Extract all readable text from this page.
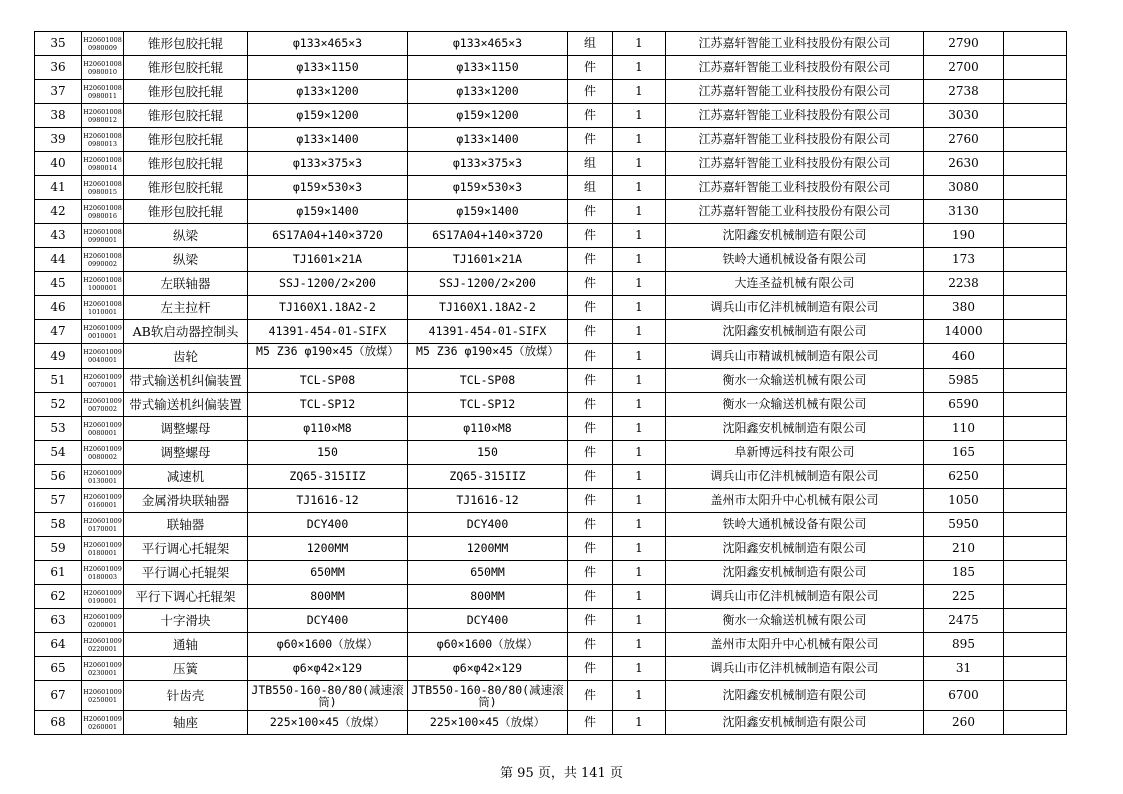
35	H20601008 0980009	锥形包胶托辊	φ133×465×3	φ133×465×3	组	1	江苏嘉轩智能工业科技股份有限公司	2790	
36	H20601008 0980010	锥形包胶托辊	φ133×1150	φ133×1150	件	1	江苏嘉轩智能工业科技股份有限公司	2700	
37	H20601008 0980011	锥形包胶托辊	φ133×1200	φ133×1200	件	1	江苏嘉轩智能工业科技股份有限公司	2738	
38	H20601008 0980012	锥形包胶托辊	φ159×1200	φ159×1200	件	1	江苏嘉轩智能工业科技股份有限公司	3030	
39	H20601008 0980013	锥形包胶托辊	φ133×1400	φ133×1400	件	1	江苏嘉轩智能工业科技股份有限公司	2760	
40	H20601008 0980014	锥形包胶托辊	φ133×375×3	φ133×375×3	组	1	江苏嘉轩智能工业科技股份有限公司	2630	
41	H20601008 0980015	锥形包胶托辊	φ159×530×3	φ159×530×3	组	1	江苏嘉轩智能工业科技股份有限公司	3080	
42	H20601008 0980016	锥形包胶托辊	φ159×1400	φ159×1400	件	1	江苏嘉轩智能工业科技股份有限公司	3130	
43	H20601008 0990001	纵梁	6S17A04+140×3720	6S17A04+140×3720	件	1	沈阳鑫安机械制造有限公司	190	
44	H20601008 0990002	纵梁	TJ1601×21A	TJ1601×21A	件	1	铁岭大通机械设备有限公司	173	
45	H20601008 1000001	左联轴器	SSJ-1200/2×200	SSJ-1200/2×200	件	1	大连圣益机械有限公司	2238	
46	H20601008 1010001	左主拉杆	TJ160X1.18A2-2	TJ160X1.18A2-2	件	1	调兵山市亿沣机械制造有限公司	380	
47	H20601009 0010001	AB软启动器控制头	41391-454-01-SIFX	41391-454-01-SIFX	件	1	沈阳鑫安机械制造有限公司	14000	
49	H20601009 0040001	齿轮	M5 Z36 φ190×45（放煤）	M5 Z36 φ190×45（放煤）	件	1	调兵山市精诚机械制造有限公司	460	
51	H20601009 0070001	带式输送机纠偏装置	TCL-SP08	TCL-SP08	件	1	衡水一众输送机械有限公司	5985	
52	H20601009 0070002	带式输送机纠偏装置	TCL-SP12	TCL-SP12	件	1	衡水一众输送机械有限公司	6590	
53	H20601009 0080001	调整螺母	φ110×M8	φ110×M8	件	1	沈阳鑫安机械制造有限公司	110	
54	H20601009 0080002	调整螺母	150	150	件	1	阜新博远科技有限公司	165	
56	H20601009 0130001	减速机	ZQ65-315IIZ	ZQ65-315IIZ	件	1	调兵山市亿沣机械制造有限公司	6250	
57	H20601009 0160001	金属滑块联轴器	TJ1616-12	TJ1616-12	件	1	盖州市太阳升中心机械有限公司	1050	
58	H20601009 0170001	联轴器	DCY400	DCY400	件	1	铁岭大通机械设备有限公司	5950	
59	H20601009 0180001	平行调心托辊架	1200MM	1200MM	件	1	沈阳鑫安机械制造有限公司	210	
61	H20601009 0180003	平行调心托辊架	650MM	650MM	件	1	沈阳鑫安机械制造有限公司	185	
62	H20601009 0190001	平行下调心托辊架	800MM	800MM	件	1	调兵山市亿沣机械制造有限公司	225	
63	H20601009 0200001	十字滑块	DCY400	DCY400	件	1	衡水一众输送机械有限公司	2475	
64	H20601009 0220001	通轴	φ60×1600（放煤）	φ60×1600（放煤）	件	1	盖州市太阳升中心机械有限公司	895	
65	H20601009 0230001	压簧	φ6×φ42×129	φ6×φ42×129	件	1	调兵山市亿沣机械制造有限公司	31	
67	H20601009 0250001	针齿壳	JTB550-160-80/80(减速滚筒)	JTB550-160-80/80(减速滚筒)	件	1	沈阳鑫安机械制造有限公司	6700	
68	H20601009 0260001	轴座	225×100×45（放煤）	225×100×45（放煤）	件	1	沈阳鑫安机械制造有限公司	260	
第 95 页，共 141 页
